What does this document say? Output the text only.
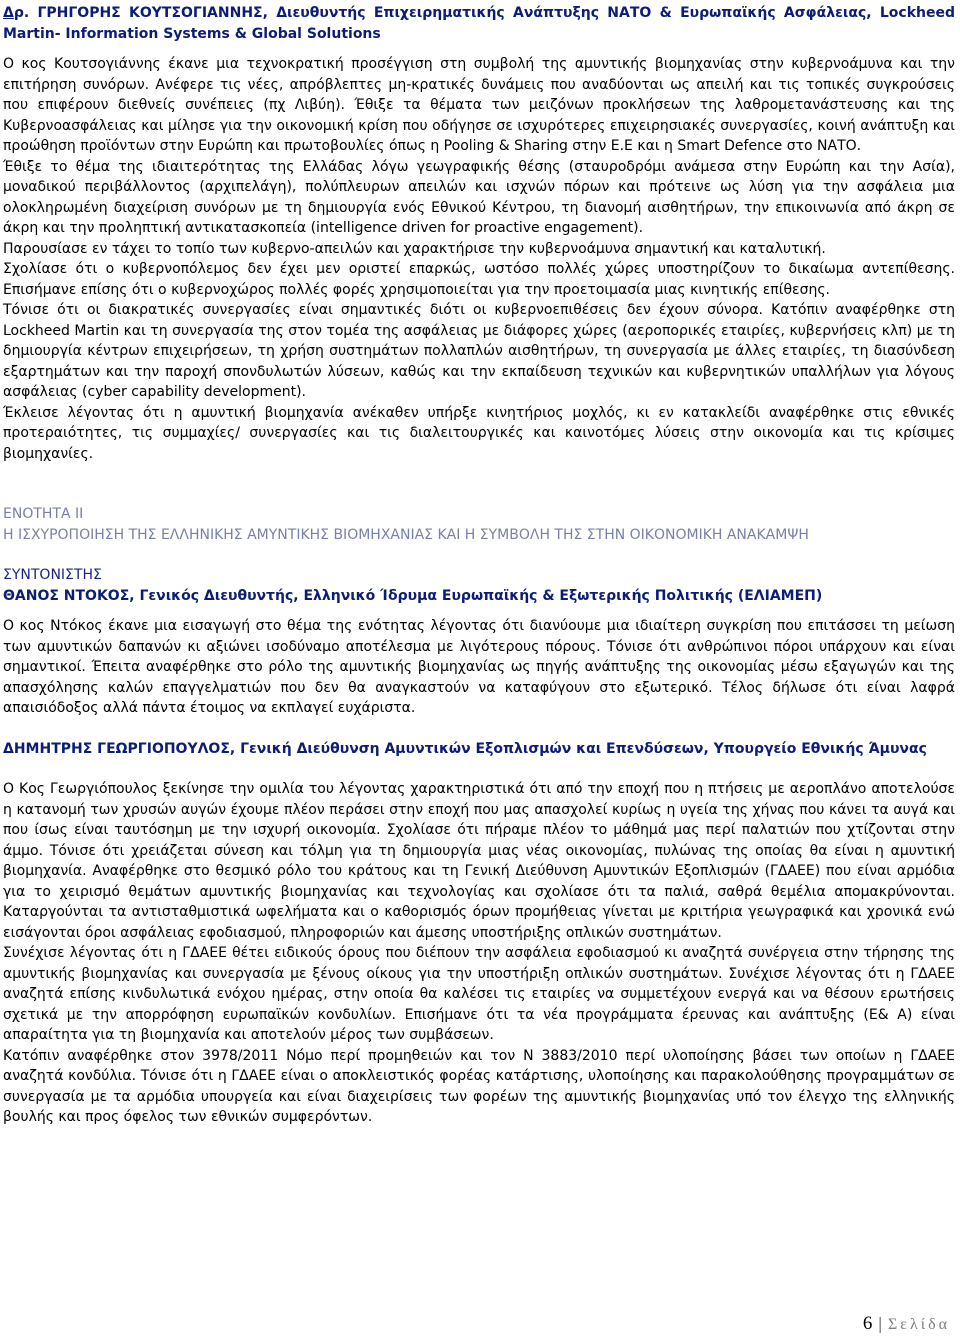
Δρ. ΓΡΗΓΟΡΗΣ ΚΟΥΤΣΟΓΙΑΝΝΗΣ, Διευθυντής Επιχειρηματικής Ανάπτυξης ΝΑΤΟ & Ευρωπαϊκής Ασφάλειας, Lockheed Martin- Information Systems & Global Solutions

Ο κος Κουτσογιάννης έκανε μια τεχνοκρατική προσέγγιση στη συμβολή της αμυντικής βιομηχανίας στην κυβερνοάμυνα και την επιτήρηση συνόρων. Ανέφερε τις νέες, απρόβλεπτες μη-κρατικές δυνάμεις που αναδύονται ως απειλή και τις τοπικές συγκρούσεις που επιφέρουν διεθνείς συνέπειες (πχ Λιβύη). Έθιξε τα θέματα των μειζόνων προκλήσεων της λαθρομετανάστευσης και της Κυβερνοασφάλειας και μίλησε για την οικονομική κρίση που οδήγησε σε ισχυρότερες επιχειρησιακές συνεργασίες, κοινή ανάπτυξη και προώθηση προϊόντων στην Ευρώπη και πρωτοβουλίες όπως η Pooling & Sharing στην Ε.Ε και η Smart Defence στο ΝΑΤΟ.

Έθιξε το θέμα της ιδιαιτερότητας της Ελλάδας λόγω γεωγραφικής θέσης (σταυροδρόμι ανάμεσα στην Ευρώπη και την Ασία), μοναδικού περιβάλλοντος (αρχιπελάγη), πολύπλευρων απειλών και ισχνών πόρων και πρότεινε ως λύση για την ασφάλεια μια ολοκληρωμένη διαχείριση συνόρων με τη δημιουργία ενός Εθνικού Κέντρου, τη διανομή αισθητήρων, την επικοινωνία από άκρη σε άκρη και την προληπτική αντικατασκοπεία (intelligence driven for proactive engagement).

Παρουσίασε εν τάχει το τοπίο των κυβερνο-απειλών και χαρακτήρισε την κυβερνοάμυνα σημαντική και καταλυτική.

Σχολίασε ότι ο κυβερνοπόλεμος δεν έχει μεν οριστεί επαρκώς, ωστόσο πολλές χώρες υποστηρίζουν το δικαίωμα αντεπίθεσης. Επισήμανε επίσης ότι ο κυβερνοχώρος πολλές φορές χρησιμοποιείται για την προετοιμασία μιας κινητικής επίθεσης.

Τόνισε ότι οι διακρατικές συνεργασίες είναι σημαντικές διότι οι κυβερνοεπιθέσεις δεν έχουν σύνορα. Κατόπιν αναφέρθηκε στη Lockheed Martin και τη συνεργασία της στον τομέα της ασφάλειας με διάφορες χώρες (αεροπορικές εταιρίες, κυβερνήσεις κλπ) με τη δημιουργία κέντρων επιχειρήσεων, τη χρήση συστημάτων πολλαπλών αισθητήρων, τη συνεργασία με άλλες εταιρίες, τη διασύνδεση εξαρτημάτων και την παροχή σπονδυλωτών λύσεων, καθώς και την εκπαίδευση τεχνικών και κυβερνητικών υπαλλήλων για λόγους ασφάλειας (cyber capability development).

Έκλεισε λέγοντας ότι η αμυντική βιομηχανία ανέκαθεν υπήρξε κινητήριος μοχλός, κι εν κατακλείδι αναφέρθηκε στις εθνικές προτεραιότητες, τις συμμαχίες/ συνεργασίες και τις διαλειτουργικές και καινοτόμες λύσεις στην οικονομία και τις κρίσιμες βιομηχανίες.

ΕΝΟΤΗΤΑ ΙΙ

Η ΙΣΧΥΡΟΠΟΙΗΣΗ ΤΗΣ ΕΛΛΗΝΙΚΗΣ ΑΜΥΝΤΙΚΗΣ ΒΙΟΜΗΧΑΝΙΑΣ ΚΑΙ Η ΣΥΜΒΟΛΗ ΤΗΣ ΣΤΗΝ ΟΙΚΟΝΟΜΙΚΗ ΑΝΑΚΑΜΨΗ

ΣΥΝΤΟΝΙΣΤΗΣ

ΘΑΝΟΣ ΝΤΟΚΟΣ, Γενικός Διευθυντής, Ελληνικό Ίδρυμα Ευρωπαϊκής & Εξωτερικής Πολιτικής (ΕΛΙΑΜΕΠ)

Ο κος Ντόκος έκανε μια εισαγωγή στο θέμα της ενότητας λέγοντας ότι διανύουμε μια ιδιαίτερη συγκρίση που επιτάσσει τη μείωση των αμυντικών δαπανών κι αξιώνει ισοδύναμο αποτέλεσμα με λιγότερους πόρους. Τόνισε ότι ανθρώπινοι πόροι υπάρχουν και είναι σημαντικοί. Έπειτα αναφέρθηκε στο ρόλο της αμυντικής βιομηχανίας ως πηγής ανάπτυξης της οικονομίας μέσω εξαγωγών και της απασχόλησης καλών επαγγελματιών που δεν θα αναγκαστούν να καταφύγουν στο εξωτερικό. Τέλος δήλωσε ότι είναι λαφρά απαισιόδοξος αλλά πάντα έτοιμος να εκπλαγεί ευχάριστα.

ΔΗΜΗΤΡΗΣ ΓΕΩΡΓΙΟΠΟΥΛΟΣ, Γενική Διεύθυνση Αμυντικών Εξοπλισμών και Επενδύσεων, Υπουργείο Εθνικής Άμυνας

Ο Κος Γεωργιόπουλος ξεκίνησε την ομιλία του λέγοντας χαρακτηριστικά ότι από την εποχή που η πτήσεις με αεροπλάνο αποτελούσε η κατανομή των χρυσών αυγών έχουμε πλέον περάσει στην εποχή που μας απασχολεί κυρίως η υγεία της χήνας που κάνει τα αυγά και που ίσως είναι ταυτόσημη με την ισχυρή οικονομία. Σχολίασε ότι πήραμε πλέον το μάθημά μας περί παλατιών που χτίζονται στην άμμο. Τόνισε ότι χρειάζεται σύνεση και τόλμη για τη δημιουργία μιας νέας οικονομίας, πυλώνας της οποίας θα είναι η αμυντική βιομηχανία. Αναφέρθηκε στο θεσμικό ρόλο του κράτους και τη Γενική Διεύθυνση Αμυντικών Εξοπλισμών (ΓΔΑΕΕ) που είναι αρμόδια για το χειρισμό θεμάτων αμυντικής βιομηχανίας και τεχνολογίας και σχολίασε ότι τα παλιά, σαθρά θεμέλια απομακρύνονται. Καταργούνται τα αντισταθμιστικά ωφελήματα και ο καθορισμός όρων προμήθειας γίνεται με κριτήρια γεωγραφικά και χρονικά ενώ εισάγονται όροι ασφάλειας εφοδιασμού, πληροφοριών και άμεσης υποστήριξης οπλικών συστημάτων.

Συνέχισε λέγοντας ότι η ΓΔΑΕΕ θέτει ειδικούς όρους που διέπουν την ασφάλεια εφοδιασμού κι αναζητά συνέργεια στην τήρησης της αμυντικής βιομηχανίας και συνεργασία με ξένους οίκους για την υποστήριξη οπλικών συστημάτων. Συνέχισε λέγοντας ότι η ΓΔΑΕΕ αναζητά επίσης κινδυλωτικά ενόχου ημέρας, στην οποία θα καλέσει τις εταιρίες να συμμετέχουν ενεργά και να θέσουν ερωτήσεις σχετικά με την απορρόφηση ευρωπαϊκών κονδυλίων. Επισήμανε ότι τα νέα προγράμματα έρευνας και ανάπτυξης (Ε& Α) είναι απαραίτητα για τη βιομηχανία και αποτελούν μέρος των συμβάσεων.

Κατόπιν αναφέρθηκε στον 3978/2011 Νόμο περί προμηθειών και τον Ν 3883/2010 περί υλοποίησης βάσει των οποίων η ΓΔΑΕΕ αναζητά κονδύλια. Τόνισε ότι η ΓΔΑΕΕ είναι ο αποκλειστικός φορέας κατάρτισης, υλοποίησης και παρακολούθησης προγραμμάτων σε συνεργασία με τα αρμόδια υπουργεία και είναι διαχειρίσεις των φορέων της αμυντικής βιομηχανίας υπό τον έλεγχο της ελληνικής βουλής και προς όφελος των εθνικών συμφερόντων.

6 | Σελίδα
